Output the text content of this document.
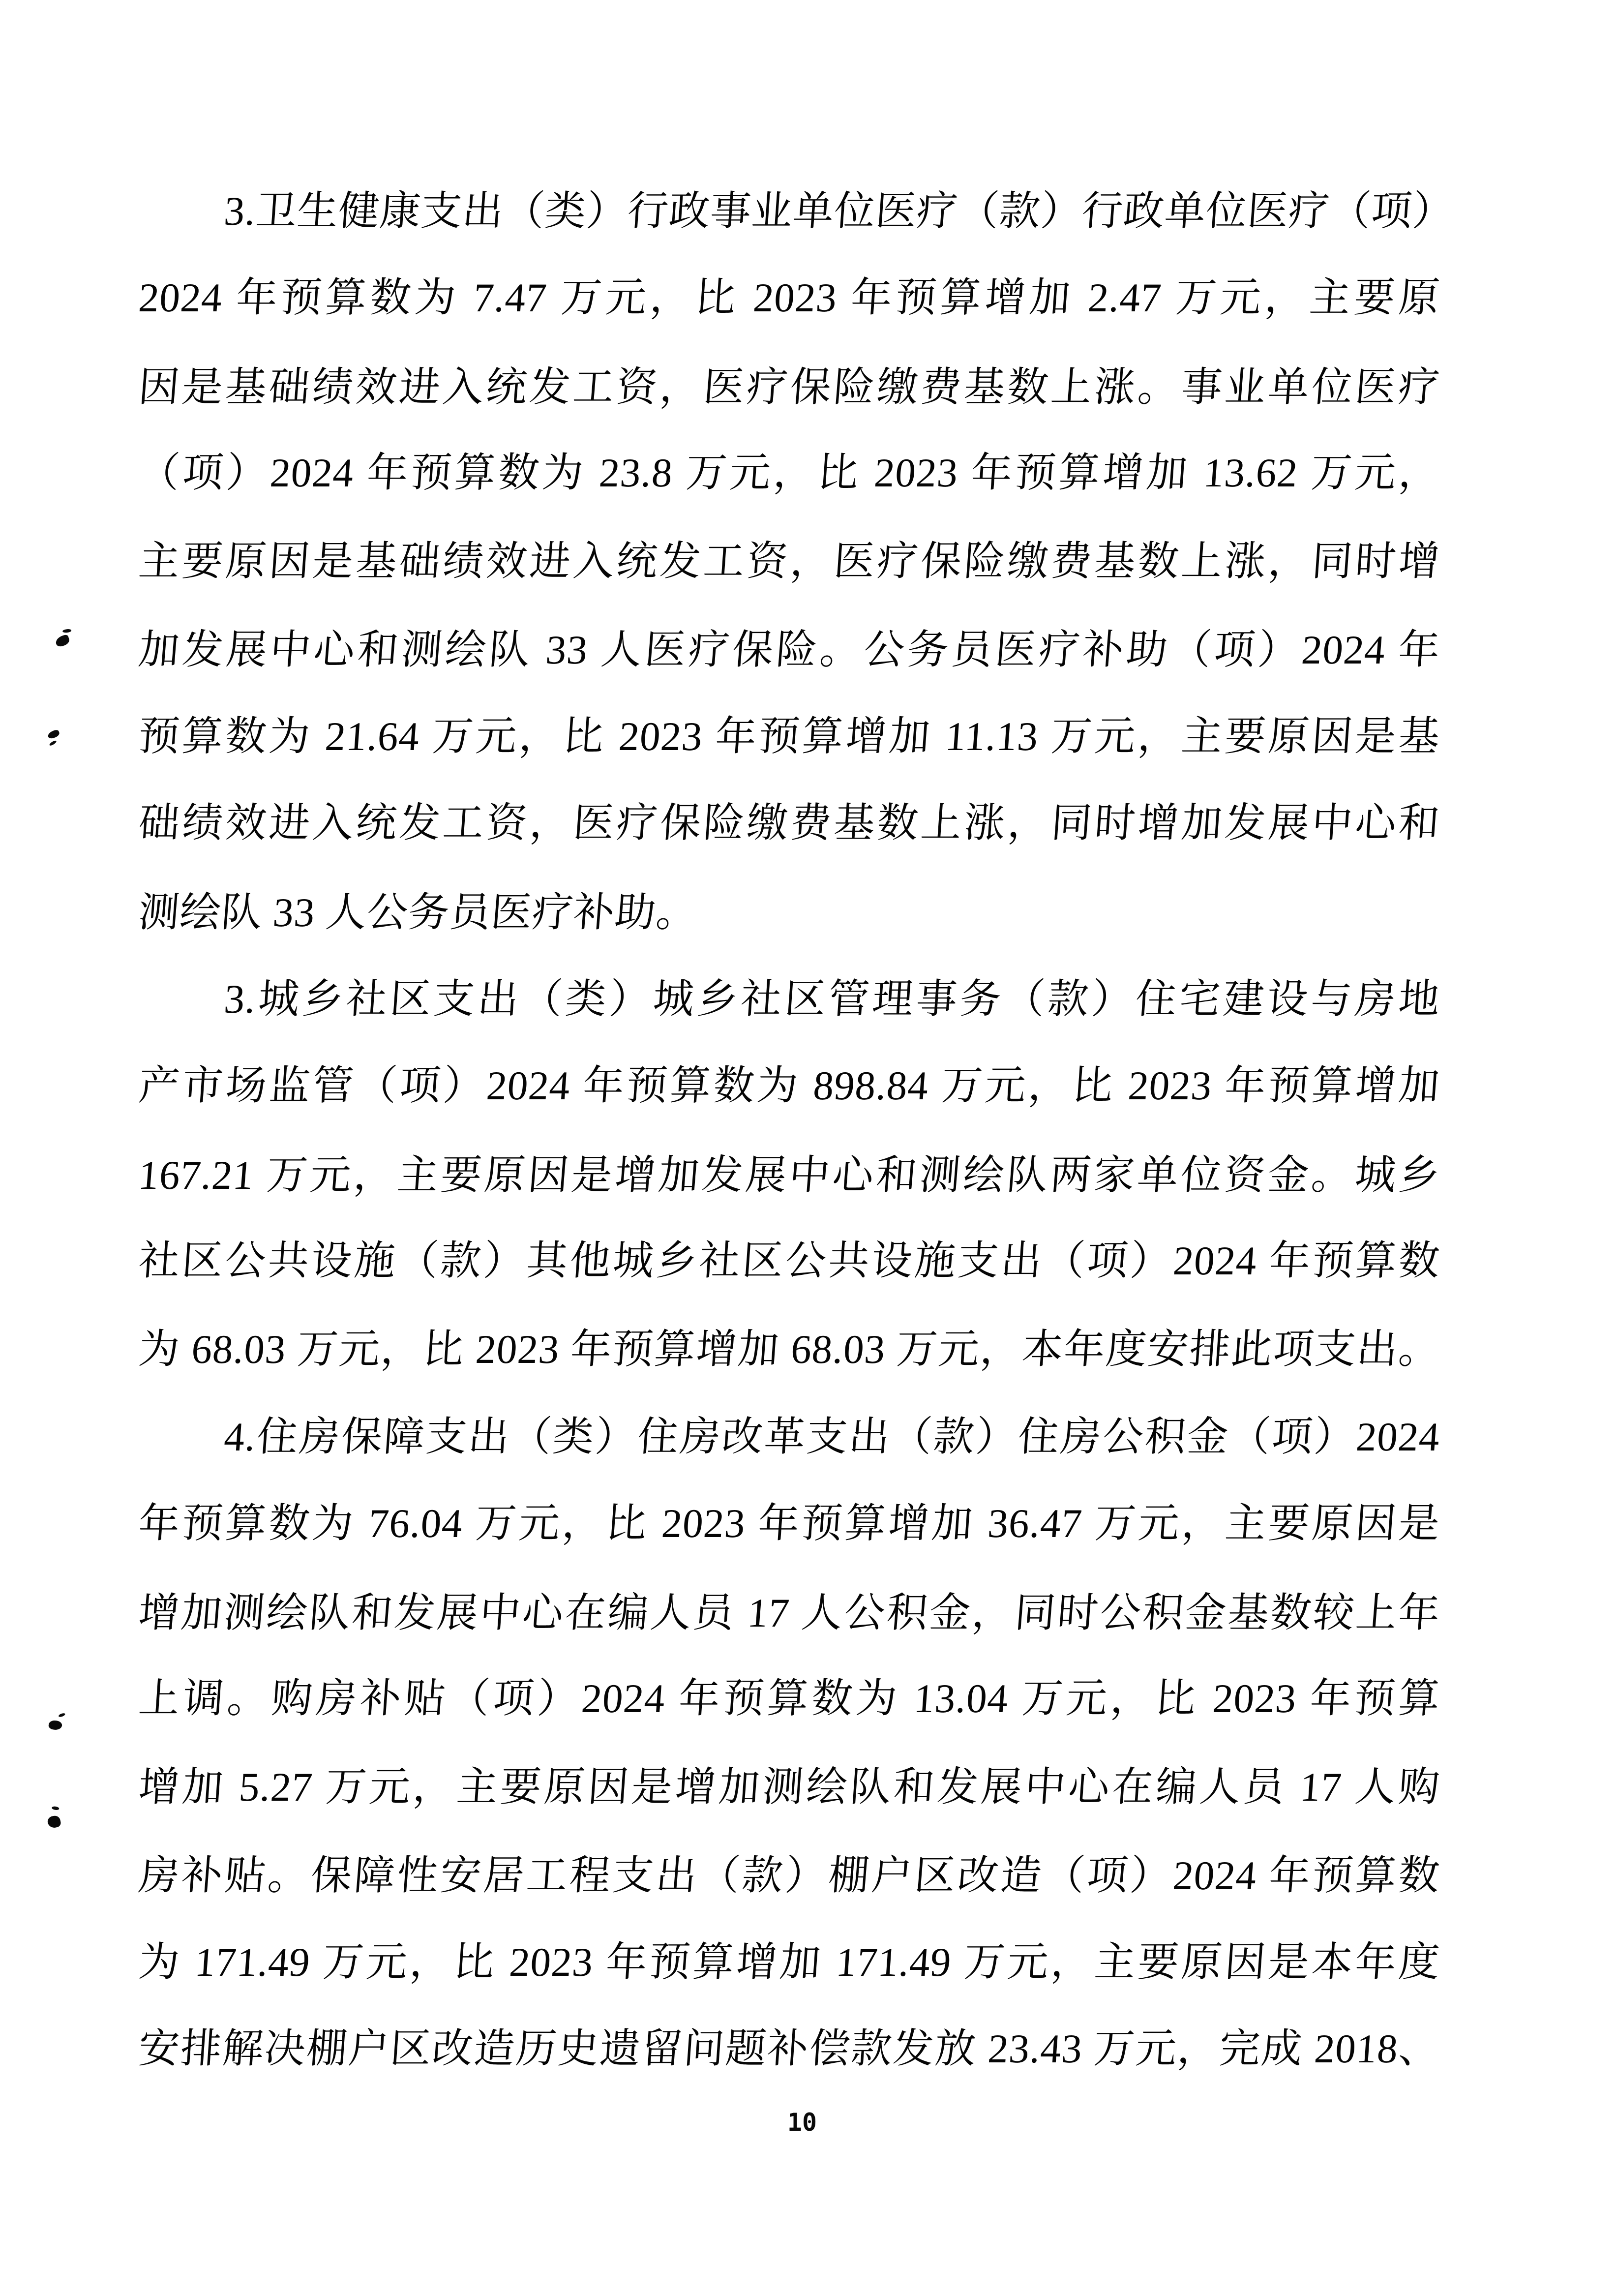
3.卫生健康支出（类）行政事业单位医疗（款）行政单位医疗（项）
2024 年预算数为 7.47 万元，比 2023 年预算增加 2.47 万元，主要原
因是基础绩效进入统发工资，医疗保险缴费基数上涨。事业单位医疗
（项）2024 年预算数为 23.8 万元，比 2023 年预算增加 13.62 万元，
主要原因是基础绩效进入统发工资，医疗保险缴费基数上涨，同时增
加发展中心和测绘队 33 人医疗保险。公务员医疗补助（项）2024 年
预算数为 21.64 万元，比 2023 年预算增加 11.13 万元，主要原因是基
础绩效进入统发工资，医疗保险缴费基数上涨，同时增加发展中心和
测绘队 33 人公务员医疗补助。
3.城乡社区支出（类）城乡社区管理事务（款）住宅建设与房地
产市场监管（项）2024 年预算数为 898.84 万元，比 2023 年预算增加
167.21 万元，主要原因是增加发展中心和测绘队两家单位资金。城乡
社区公共设施（款）其他城乡社区公共设施支出（项）2024 年预算数
为 68.03 万元，比 2023 年预算增加 68.03 万元，本年度安排此项支出。
4.住房保障支出（类）住房改革支出（款）住房公积金（项）2024
年预算数为 76.04 万元，比 2023 年预算增加 36.47 万元，主要原因是
增加测绘队和发展中心在编人员 17 人公积金，同时公积金基数较上年
上调。购房补贴（项）2024 年预算数为 13.04 万元，比 2023 年预算
增加 5.27 万元，主要原因是增加测绘队和发展中心在编人员 17 人购
房补贴。保障性安居工程支出（款）棚户区改造（项）2024 年预算数
为 171.49 万元，比 2023 年预算增加 171.49 万元，主要原因是本年度
安排解决棚户区改造历史遗留问题补偿款发放 23.43 万元，完成 2018、
10
